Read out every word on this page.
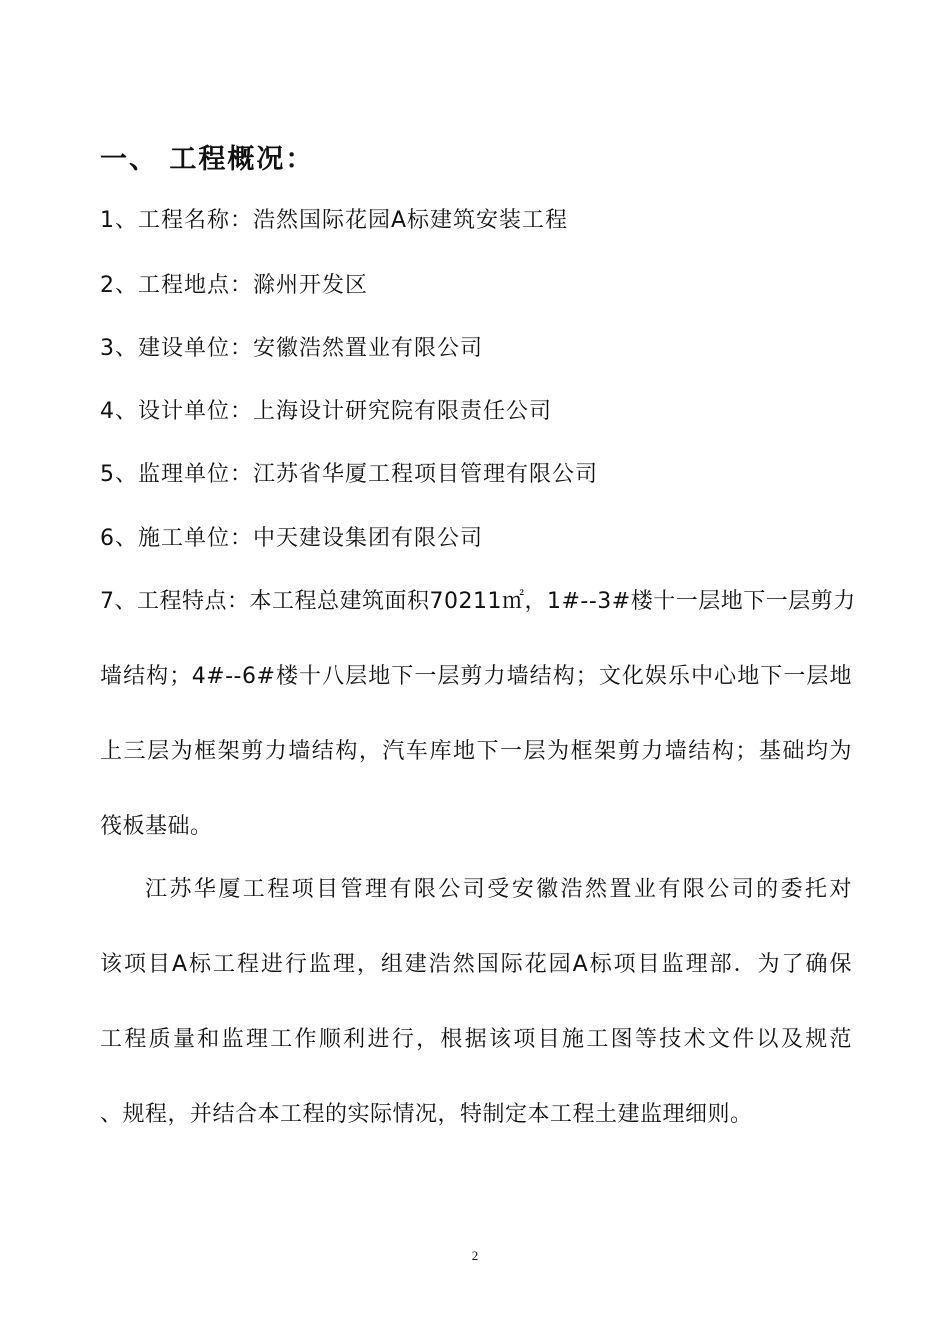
一、 工程概况：
1、工程名称：浩然国际花园A标建筑安装工程
2、工程地点：滁州开发区
3、建设单位：安徽浩然置业有限公司
4、设计单位：上海设计研究院有限责任公司
5、监理单位：江苏省华厦工程项目管理有限公司
6、施工单位：中天建设集团有限公司
7、工程特点：本工程总建筑面积70211㎡，1#--3#楼十一层地下一层剪力
墙结构；4#--6#楼十八层地下一层剪力墙结构；文化娱乐中心地下一层地
上三层为框架剪力墙结构，汽车库地下一层为框架剪力墙结构；基础均为
筏板基础。
江苏华厦工程项目管理有限公司受安徽浩然置业有限公司的委托对
该项目A标工程进行监理，组建浩然国际花园A标项目监理部．为了确保
工程质量和监理工作顺利进行，根据该项目施工图等技术文件以及规范
、规程，并结合本工程的实际情况，特制定本工程土建监理细则。
2
